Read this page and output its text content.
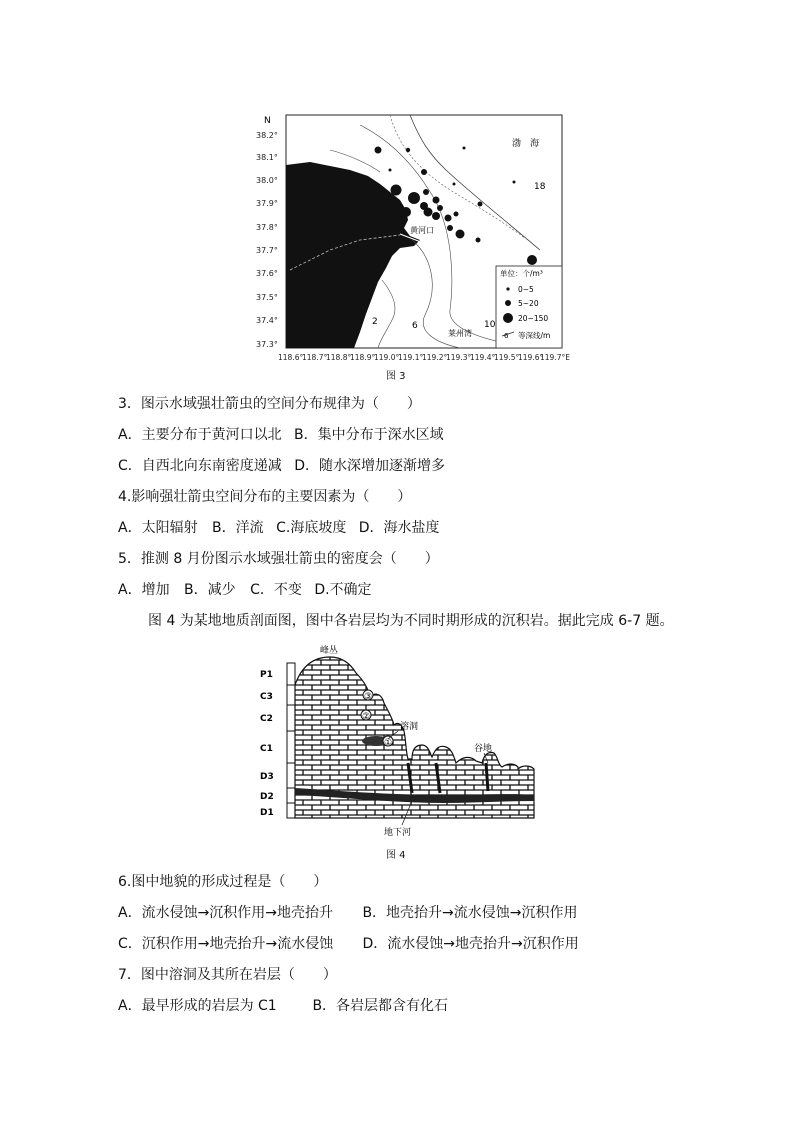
N
38.2°
38.1°
38.0°
37.9°
37.8°
37.7°
37.6°
37.5°
37.4°
37.3°
118.6°
118.7°
118.8°
118.9°
119.0°
119.1°
119.2°
119.3°
119.4°
119.5°
119.6°
119.7°E
2	6	10
18
渤　海
莱州湾
黄河口
单位：个/m³
0~5
5~20
20~150
6 等深线/m
图 3
3．图示水域强壮箭虫的空间分布规律为（　　）
A．主要分布于黄河口以北 B．集中分布于深水区域
C．自西北向东南密度递减 D．随水深增加逐渐增多
4.影响强壮箭虫空间分布的主要因素为（　　）
A．太阳辐射 B．洋流 C.海底坡度 D．海水盐度
5．推测 8 月份图示水域强壮箭虫的密度会（　　）
A．增加 B．减少 C．不变 D.不确定
图 4 为某地地质剖面图，图中各岩层均为不同时期形成的沉积岩。据此完成 6-7 题。
P1
C3
C2
C1
D3
D2
D1
③
②
①
峰丛
溶洞
谷地
地下河
图 4
6.图中地貌的形成过程是（　　）
A．流水侵蚀→沉积作用→地壳抬升 B．地壳抬升→流水侵蚀→沉积作用
C．沉积作用→地壳抬升→流水侵蚀 D．流水侵蚀→地壳抬升→沉积作用
7．图中溶洞及其所在岩层（　　）
A．最早形成的岩层为 C1	B．各岩层都含有化石
